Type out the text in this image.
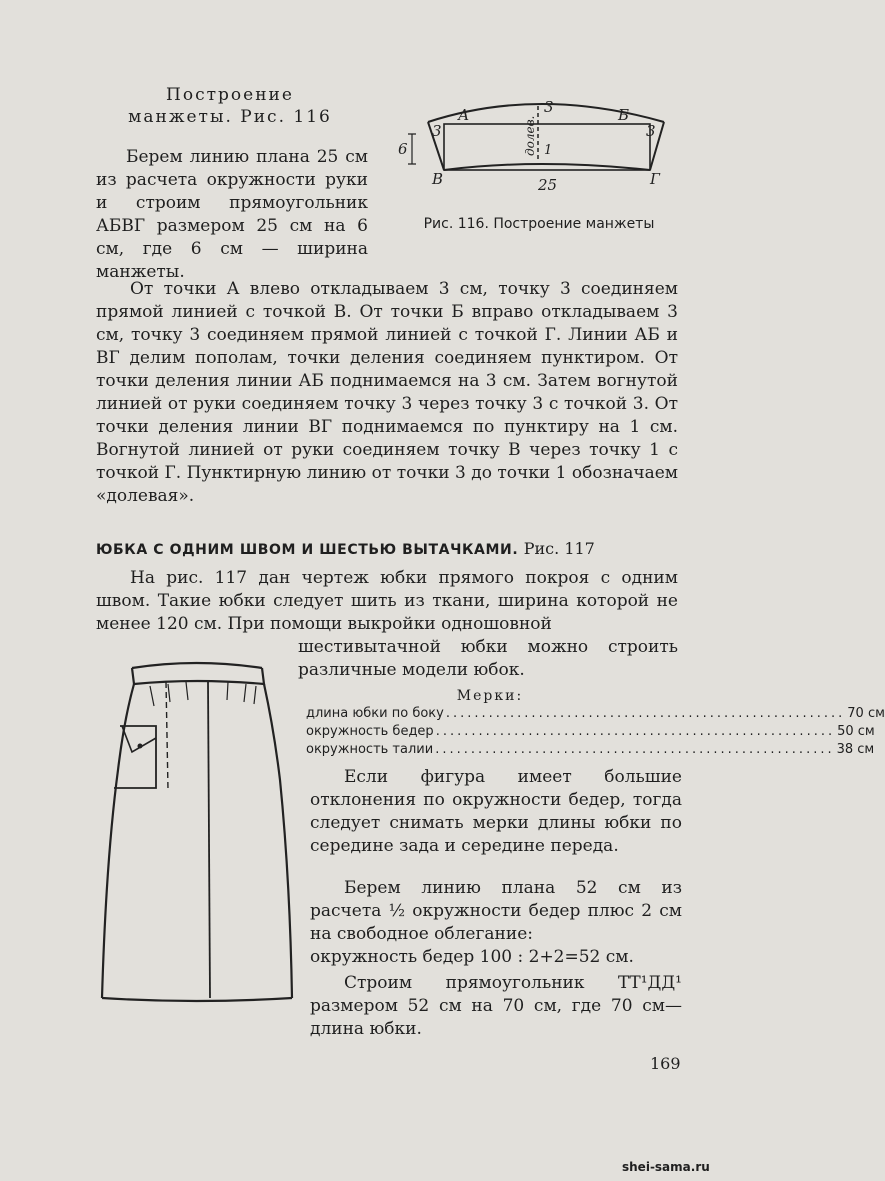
Построение
манжеты. Рис. 116
Берем линию плана 25 см из расчета окружности руки и строим прямоугольник АБВГ размером 25 см на 6 см, где 6 см — ширина манжеты.
А	Б
В	Г
3
3
3
1
25
6	долев.
Рис. 116. Построение манжеты
От точки А влево откладываем 3 см, точку 3 соединяем прямой линией с точкой В. От точки Б вправо откладываем 3 см, точку 3 соединяем прямой линией с точкой Г. Линии АБ и ВГ делим пополам, точки деления соединяем пунктиром. От точки деления линии АБ поднимаемся на 3 см. Затем вогнутой линией от руки соединяем точку 3 через точку 3 с точкой 3. От точки деления линии ВГ поднимаемся по пунктиру на 1 см. Вогнутой линией от руки соединяем точку В через точку 1 с точкой Г. Пунктирную линию от точки 3 до точки 1 обозначаем «долевая».
ЮБКА С ОДНИМ ШВОМ И ШЕСТЬЮ ВЫТАЧКАМИ. Рис. 117
На рис. 117 дан чертеж юбки прямого покроя с одним швом. Такие юбки следует шить из ткани, ширина которой не менее 120 см. При помощи выкройки одношовной
шестивытачной юбки можно строить различные модели юбок.
Мерки:
длина юбки по боку ........................................................ 70 см
окружность бедер ........................................................ 50 см
окружность талии ........................................................ 38 см
Если фигура имеет большие отклонения по окружности бедер, тогда следует снимать мерки длины юбки по середине зада и середине переда.
Берем линию плана 52 см из расчета ½ окружности бедер плюс 2 см на свободное облегание:
окружность бедер 100 : 2+2=52 см.
Строим прямоугольник ТТ¹ДД¹ размером 52 см на 70 см, где 70 см— длина юбки.
169
shei-sama.ru
